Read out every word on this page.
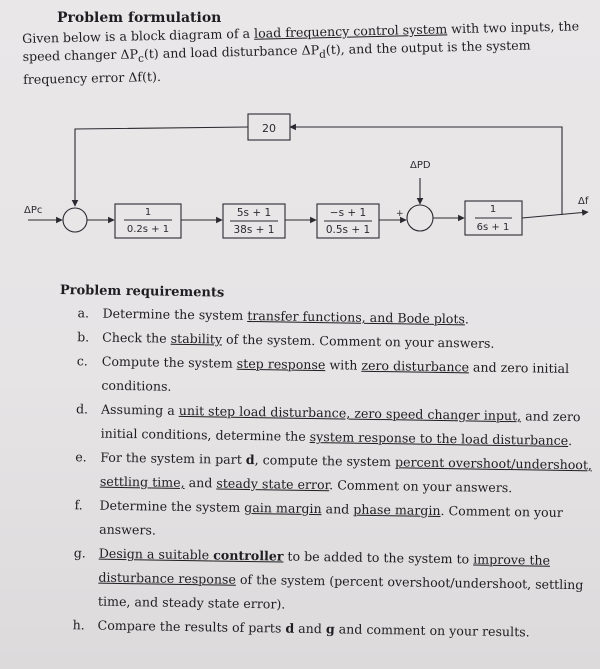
Problem formulation
Given below is a block diagram of a load frequency control system with two inputs, the speed changer $\Delta P_c(t)$ and load disturbance $\Delta P_d(t)$, and the output is the system frequency error Δf(t).
20
ΔPc
ΔPD
Δf
+
1
0.2s + 1
5s + 1
38s + 1
−s + 1
0.5s + 1
1
6s + 1
Problem requirements
a. Determine the system transfer functions, and Bode plots.
b. Check the stability of the system. Comment on your answers.
c. Compute the system step response with zero disturbance and zero initial conditions.
d. Assuming a unit step load disturbance, zero speed changer input, and zero initial conditions, determine the system response to the load disturbance.
e. For the system in part d, compute the system percent overshoot/undershoot, settling time, and steady state error. Comment on your answers.
f. Determine the system gain margin and phase margin. Comment on your answers.
g. Design a suitable controller to be added to the system to improve the disturbance response of the system (percent overshoot/undershoot, settling time, and steady state error).
h. Compare the results of parts d and g and comment on your results.
